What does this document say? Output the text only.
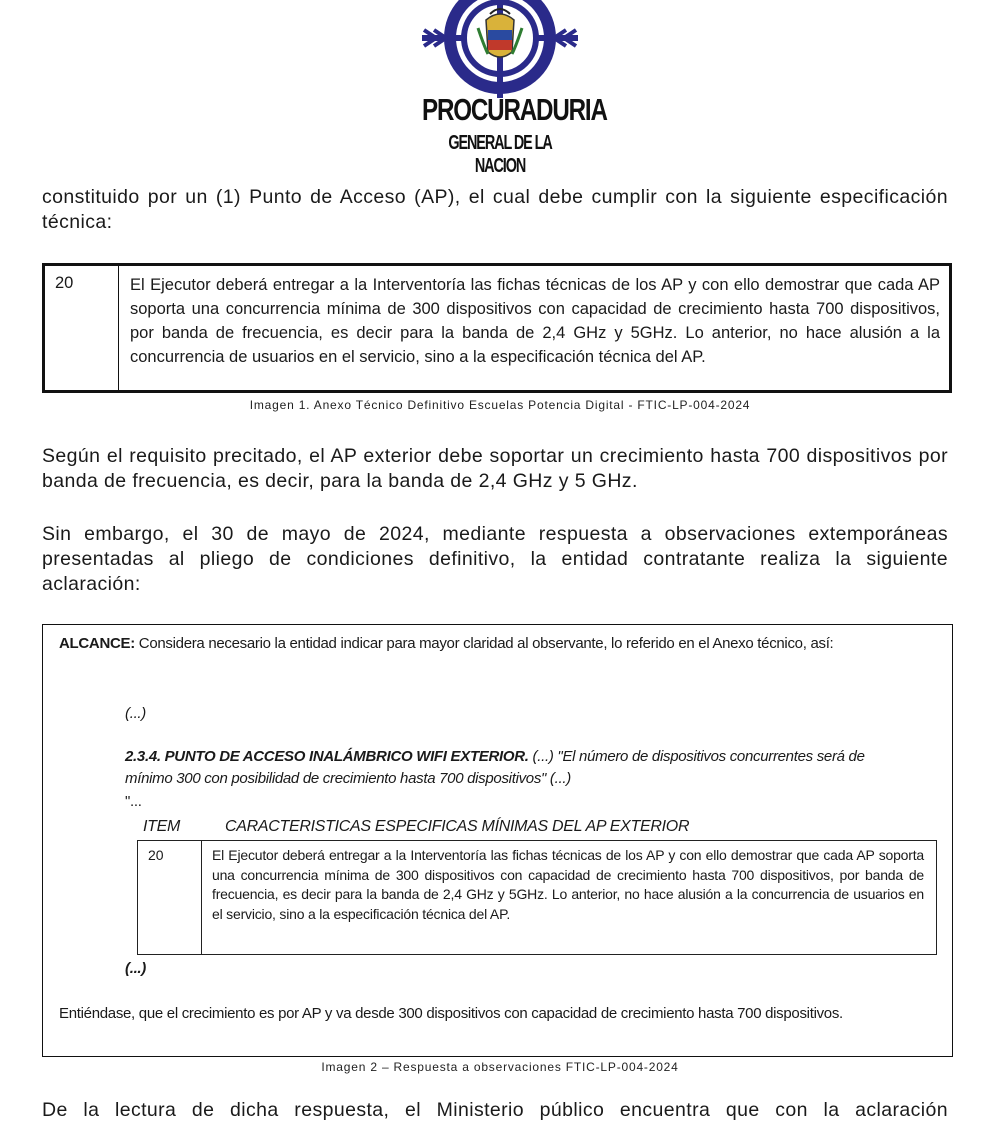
PROCURADURIA
GENERAL DE LA NACION
constituido por un (1) Punto de Acceso (AP), el cual debe cumplir con la siguiente especificación técnica:
20	El Ejecutor deberá entregar a la Interventoría las fichas técnicas de los AP y con ello demostrar que cada AP soporta una concurrencia mínima de 300 dispositivos con capacidad de crecimiento hasta 700 dispositivos, por banda de frecuencia, es decir para la banda de 2,4 GHz y 5GHz. Lo anterior, no hace alusión a la concurrencia de usuarios en el servicio, sino a la especificación técnica del AP.
Imagen 1. Anexo Técnico Definitivo Escuelas Potencia Digital - FTIC-LP-004-2024
Según el requisito precitado, el AP exterior debe soportar un crecimiento hasta 700 dispositivos por banda de frecuencia, es decir, para la banda de 2,4 GHz y 5 GHz.
Sin embargo, el 30 de mayo de 2024, mediante respuesta a observaciones extemporáneas presentadas al pliego de condiciones definitivo, la entidad contratante realiza la siguiente aclaración:
ALCANCE: Considera necesario la entidad indicar para mayor claridad al observante, lo referido en el Anexo técnico, así:
(...)
2.3.4. PUNTO DE ACCESO INALÁMBRICO WIFI EXTERIOR. (...) "El número de dispositivos concurrentes será de mínimo 300 con posibilidad de crecimiento hasta 700 dispositivos" (...)
"...
ITEM	CARACTERISTICAS ESPECIFICAS MÍNIMAS DEL AP EXTERIOR
20	El Ejecutor deberá entregar a la Interventoría las fichas técnicas de los AP y con ello demostrar que cada AP soporta una concurrencia mínima de 300 dispositivos con capacidad de crecimiento hasta 700 dispositivos, por banda de frecuencia, es decir para la banda de 2,4 GHz y 5GHz. Lo anterior, no hace alusión a la concurrencia de usuarios en el servicio, sino a la especificación técnica del AP.
(...)
Entiéndase, que el crecimiento es por AP y va desde 300 dispositivos con capacidad de crecimiento hasta 700 dispositivos.
Imagen 2 – Respuesta a observaciones FTIC-LP-004-2024
De la lectura de dicha respuesta, el Ministerio público encuentra que con la aclaración
